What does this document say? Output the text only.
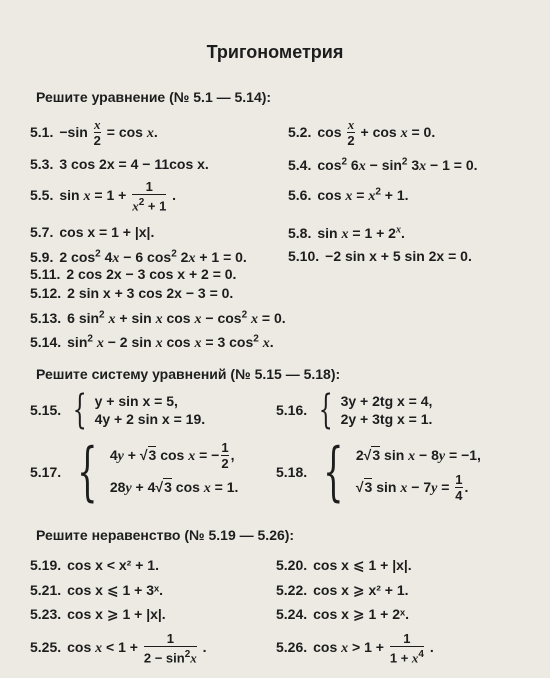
Тригонометрия
Решите уравнение (№ 5.1 — 5.14):
5.1. $-\sin \frac{x}{2} = \cos x$.	5.2. $\cos \frac{x}{2} + \cos x = 0$.
5.3. 3 cos 2x = 4 − 11cos x.	5.4. $\cos^2 6x - \sin^2 3x - 1 = 0$.
5.5. $\sin x = 1 + \frac{1}{x^2 + 1}$ .	5.6. $\cos x = x^2 + 1$.
5.7. cos x = 1 + |x|.	5.8. $\sin x = 1 + 2^x$.
5.9. 2 $\cos^2 4x - 6$ $\cos^2 2x + 1 = 0$.	5.10. −2 sin x + 5 sin 2x = 0.
5.11. 2 cos 2x − 3 cos x + 2 = 0.
5.12. 2 sin x + 3 cos 2x − 3 = 0.
5.13. 6 $\sin^2 x + \sin x$ $\cos x - \cos^2 x = 0$.
5.14. $\sin^2 x - 2$ sin x cos x = 3 $\cos^2 x$.
Решите систему уравнений (№ 5.15 — 5.18):
5.15. { y + sin x = 5,
4y + 2 sin x = 19.
5.16. { 3y + 2tg x = 4,
2y + 3tg x = 1.
5.17. { 4y + √3 cos x = − $\frac{1}{2}$ ,
28y + 4√3 cos x = 1.
5.18. { 2√3 sin x − 8y = −1,
√3 $\sin x - 7y = \frac{1}{4}$ .
Решите неравенство (№ 5.19 — 5.26):
5.19. cos x < x² + 1.	5.20. cos x ⩽ 1 + |x|.
5.21. cos x ⩽ 1 + 3ˣ.	5.22. cos x ⩾ x² + 1.
5.23. cos x ⩾ 1 + |x|.	5.24. cos x ⩾ 1 + 2ˣ.
5.25. $\cos x < 1 + \frac{1}{2 - \sin^2x}$ .	5.26. $\cos x > 1 + \frac{1}{1 + x^4}$ .
